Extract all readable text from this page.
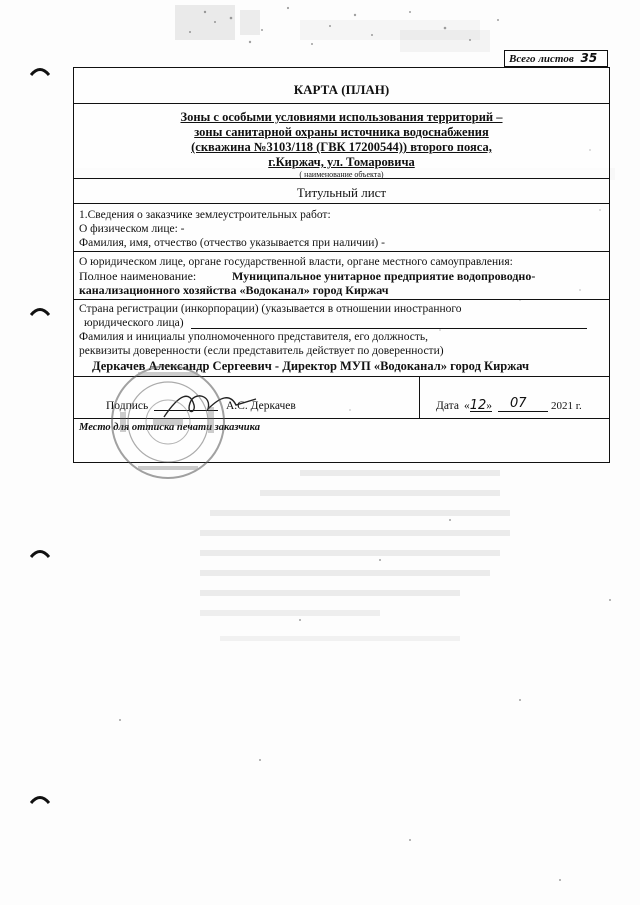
Всего листов 35
КАРТА (ПЛАН)
Зоны с особыми условиями использования территорий –
зоны санитарной охраны источника водоснабжения
(скважина №3103/118 (ГВК 17200544)) второго пояса,
г.Киржач, ул. Томаровича
( наименование объекта)
Титульный лист
1.Сведения о заказчике землеустроительных работ:
О физическом лице: -
Фамилия, имя, отчество (отчество указывается при наличии) -
О юридическом лице, органе государственной власти, органе местного самоуправления:
Полное наименование:	Муниципальное унитарное предприятие водопроводно-
канализационного хозяйства «Водоканал» город Киржач
Страна регистрации (инкорпорации) (указывается в отношении иностранного
юридического лица)
Фамилия и инициалы уполномоченного представителя, его должность,
реквизиты доверенности (если представитель действует по доверенности)
Деркачев Александр Сергеевич - Директор МУП «Водоканал» город Киржач
Подпись	А.С. Деркачев	Дата «12» 07 2021 г.
Место для оттиска печати заказчика
